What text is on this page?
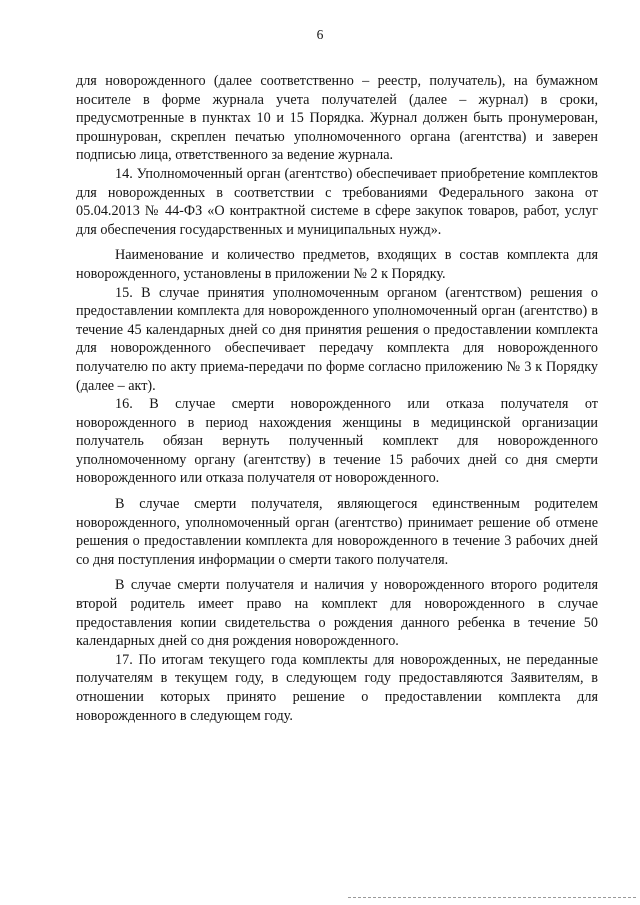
6

для новорожденного (далее соответственно – реестр, получатель), на бумажном носителе в форме журнала учета получателей (далее – журнал) в сроки, предусмотренные в пунктах 10 и 15 Порядка. Журнал должен быть пронумерован, прошнурован, скреплен печатью уполномоченного органа (агентства) и заверен подписью лица, ответственного за ведение журнала.

14. Уполномоченный орган (агентство) обеспечивает приобретение комплектов для новорожденных в соответствии с требованиями Федерального закона от 05.04.2013 № 44-ФЗ «О контрактной системе в сфере закупок товаров, работ, услуг для обеспечения государственных и муниципальных нужд».

Наименование и количество предметов, входящих в состав комплекта для новорожденного, установлены в приложении № 2 к Порядку.

15. В случае принятия уполномоченным органом (агентством) решения о предоставлении комплекта для новорожденного уполномоченный орган (агентство) в течение 45 календарных дней со дня принятия решения о предоставлении комплекта для новорожденного обеспечивает передачу комплекта для новорожденного получателю по акту приема-передачи по форме согласно приложению № 3 к Порядку (далее – акт).

16. В случае смерти новорожденного или отказа получателя от новорожденного в период нахождения женщины в медицинской организации получатель обязан вернуть полученный комплект для новорожденного уполномоченному органу (агентству) в течение 15 рабочих дней со дня смерти новорожденного или отказа получателя от новорожденного.

В случае смерти получателя, являющегося единственным родителем новорожденного, уполномоченный орган (агентство) принимает решение об отмене решения о предоставлении комплекта для новорожденного в течение 3 рабочих дней со дня поступления информации о смерти такого получателя.

В случае смерти получателя и наличия у новорожденного второго родителя второй родитель имеет право на комплект для новорожденного в случае предоставления копии свидетельства о рождения данного ребенка в течение 50 календарных дней со дня рождения новорожденного.

17. По итогам текущего года комплекты для новорожденных, не переданные получателям в текущем году, в следующем году предоставляются Заявителям, в отношении которых принято решение о предоставлении комплекта для новорожденного в следующем году.
